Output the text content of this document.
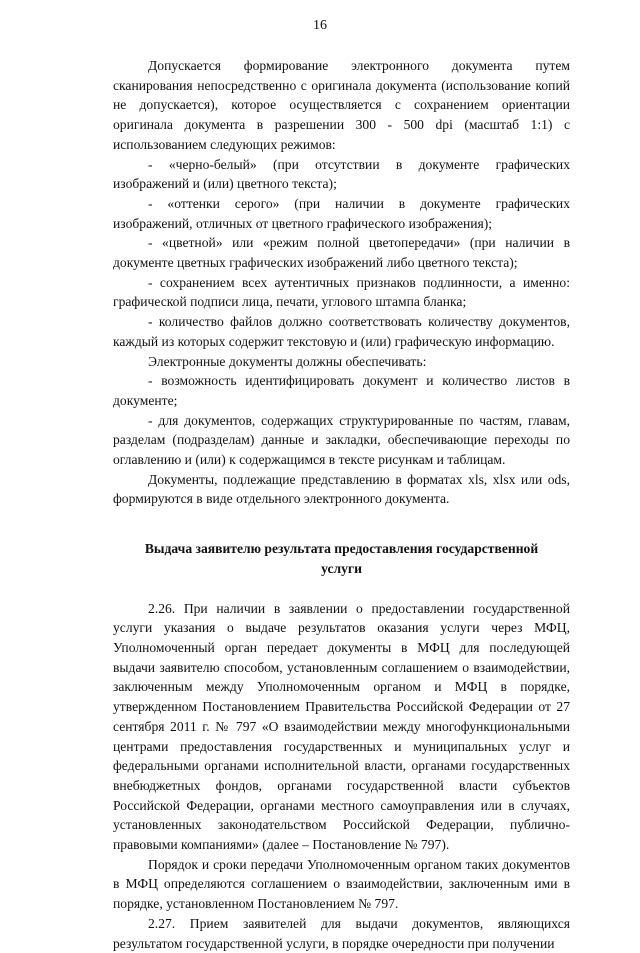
16

Допускается формирование электронного документа путем сканирования непосредственно с оригинала документа (использование копий не допускается), которое осуществляется с сохранением ориентации оригинала документа в разрешении 300 - 500 dpi (масштаб 1:1) с использованием следующих режимов:

- «черно-белый» (при отсутствии в документе графических изображений и (или) цветного текста);

- «оттенки серого» (при наличии в документе графических изображений, отличных от цветного графического изображения);

- «цветной» или «режим полной цветопередачи» (при наличии в документе цветных графических изображений либо цветного текста);

- сохранением всех аутентичных признаков подлинности, а именно: графической подписи лица, печати, углового штампа бланка;

- количество файлов должно соответствовать количеству документов, каждый из которых содержит текстовую и (или) графическую информацию.

Электронные документы должны обеспечивать:

- возможность идентифицировать документ и количество листов в документе;

- для документов, содержащих структурированные по частям, главам, разделам (подразделам) данные и закладки, обеспечивающие переходы по оглавлению и (или) к содержащимся в тексте рисункам и таблицам.

Документы, подлежащие представлению в форматах xls, xlsx или ods, формируются в виде отдельного электронного документа.

Выдача заявителю результата предоставления государственной услуги

2.26. При наличии в заявлении о предоставлении государственной услуги указания о выдаче результатов оказания услуги через МФЦ, Уполномоченный орган передает документы в МФЦ для последующей выдачи заявителю способом, установленным соглашением о взаимодействии, заключенным между Уполномоченным органом и МФЦ в порядке, утвержденном Постановлением Правительства Российской Федерации от 27 сентября 2011 г. № 797 «О взаимодействии между многофункциональными центрами предоставления государственных и муниципальных услуг и федеральными органами исполнительной власти, органами государственных внебюджетных фондов, органами государственной власти субъектов Российской Федерации, органами местного самоуправления или в случаях, установленных законодательством Российской Федерации, публично-правовыми компаниями» (далее – Постановление № 797).

Порядок и сроки передачи Уполномоченным органом таких документов в МФЦ определяются соглашением о взаимодействии, заключенным ими в порядке, установленном Постановлением № 797.

2.27. Прием заявителей для выдачи документов, являющихся результатом государственной услуги, в порядке очередности при получении
